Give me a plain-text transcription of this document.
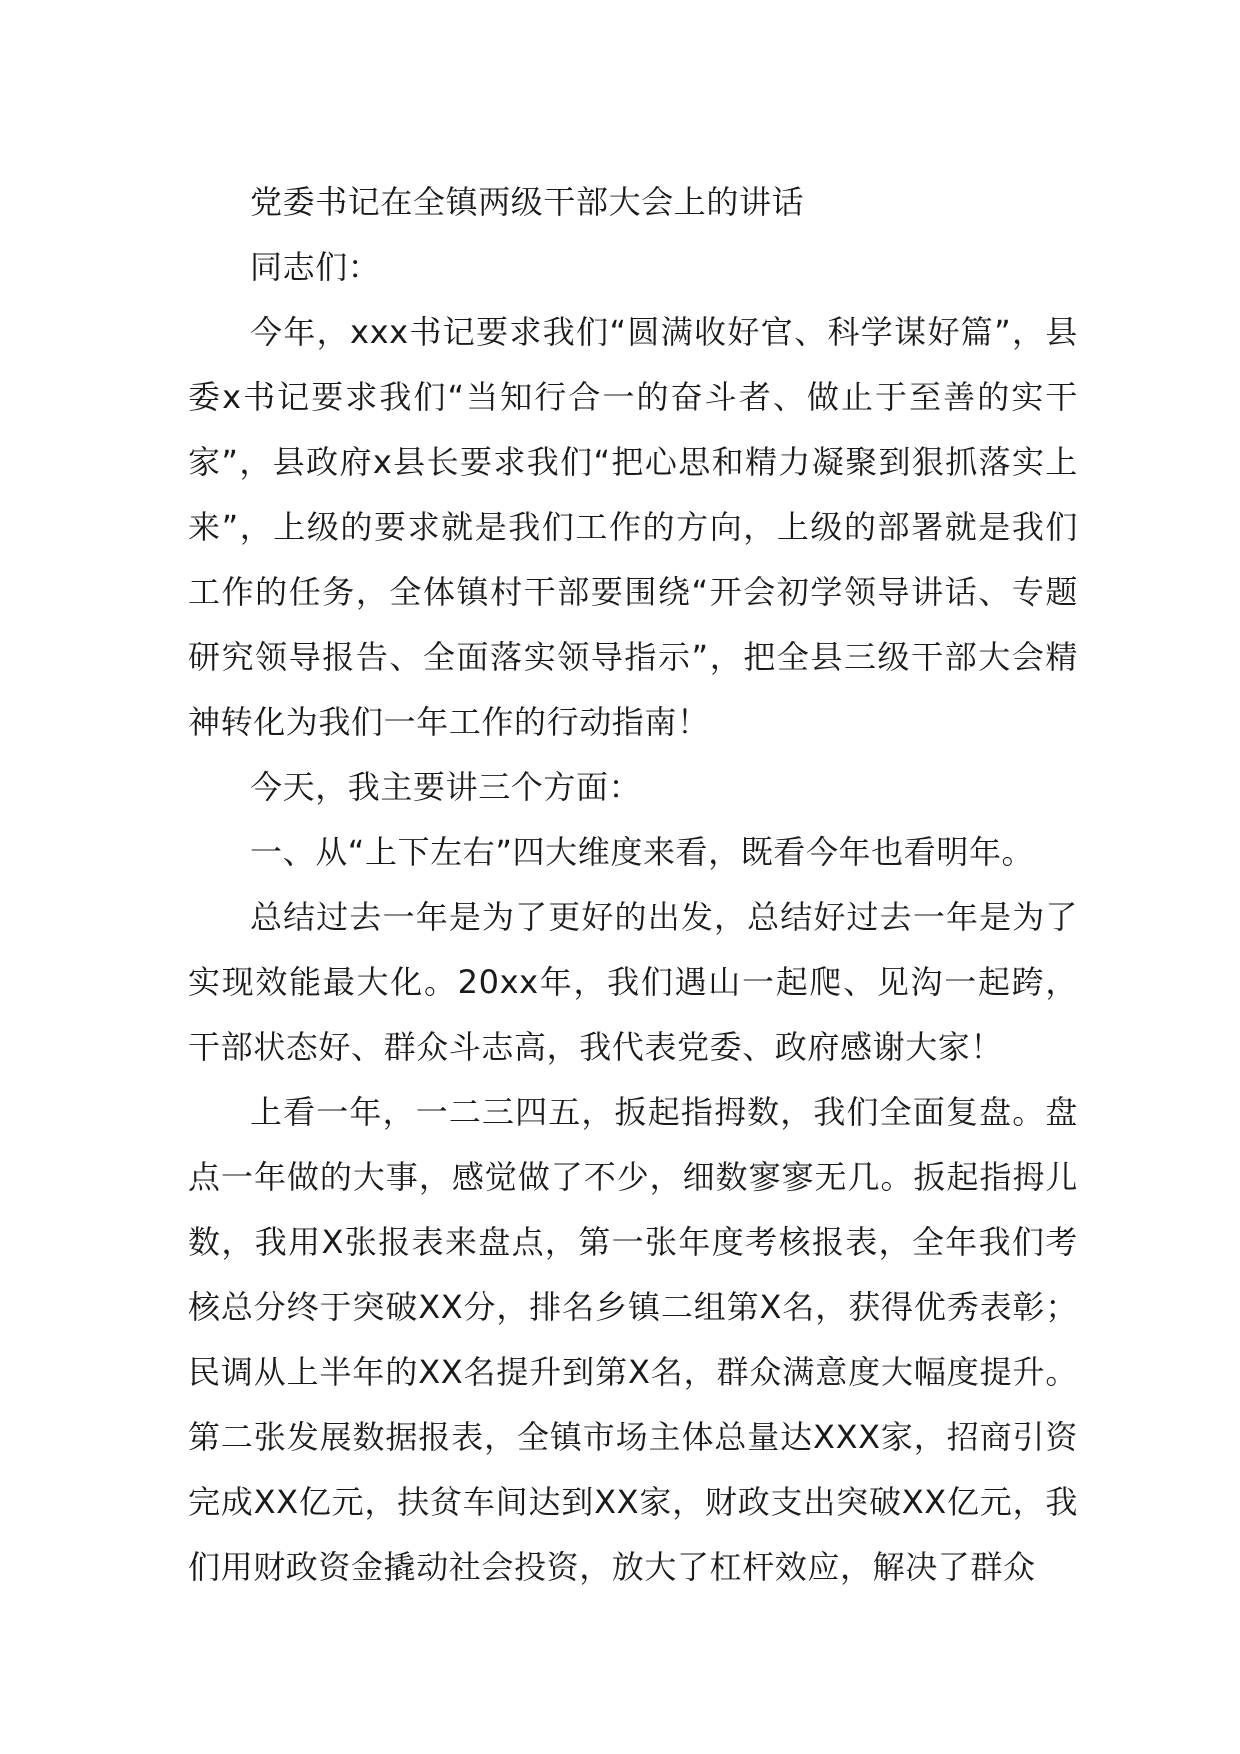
党委书记在全镇两级干部大会上的讲话

同志们：

今年，xxx书记要求我们“圆满收好官、科学谋好篇”，县委x书记要求我们“当知行合一的奋斗者、做止于至善的实干家”，县政府x县长要求我们“把心思和精力凝聚到狠抓落实上来”，上级的要求就是我们工作的方向，上级的部署就是我们工作的任务，全体镇村干部要围绕“开会初学领导讲话、专题研究领导报告、全面落实领导指示”，把全县三级干部大会精神转化为我们一年工作的行动指南！

今天，我主要讲三个方面：

一、从“上下左右”四大维度来看，既看今年也看明年。

总结过去一年是为了更好的出发，总结好过去一年是为了实现效能最大化。20xx年，我们遇山一起爬、见沟一起跨，干部状态好、群众斗志高，我代表党委、政府感谢大家！

上看一年，一二三四五，扳起指拇数，我们全面复盘。盘点一年做的大事，感觉做了不少，细数寥寥无几。扳起指拇儿数，我用X张报表来盘点，第一张年度考核报表，全年我们考核总分终于突破XX分，排名乡镇二组第X名，获得优秀表彰；民调从上半年的XX名提升到第X名，群众满意度大幅度提升。第二张发展数据报表，全镇市场主体总量达XXX家，招商引资完成XX亿元，扶贫车间达到XX家，财政支出突破XX亿元，我们用财政资金撬动社会投资，放大了杠杆效应，解决了群众
